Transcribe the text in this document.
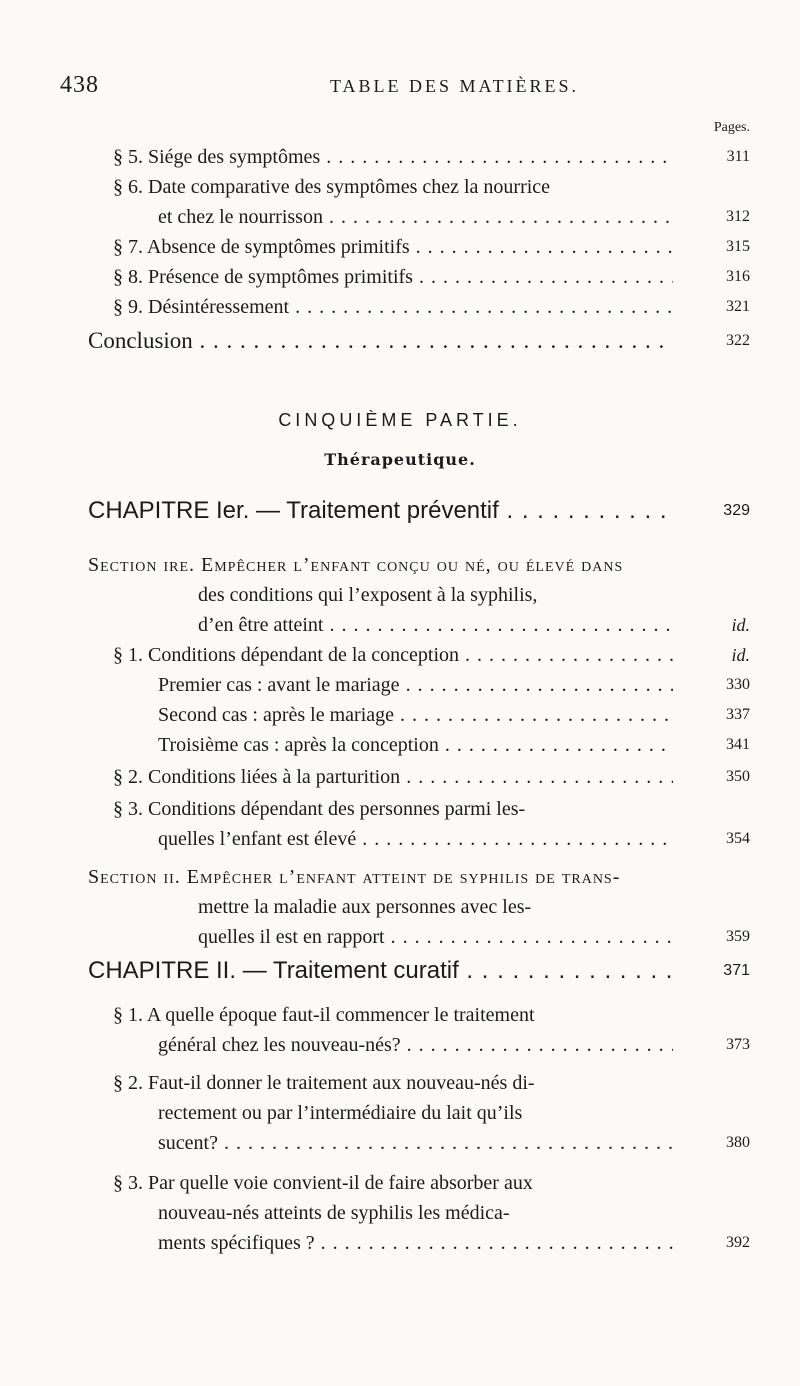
438	TABLE DES MATIÈRES.
Pages.
§ 5. Siége des symptômes . . .	311
§ 6. Date comparative des symptômes chez la nourrice
et chez le nourrisson . . .	312
§ 7. Absence de symptômes primitifs . . .	315
§ 8. Présence de symptômes primitifs . . .	316
§ 9. Désintéressement . . .	321
Conclusion . . .	322
CINQUIÈME PARTIE.
Thérapeutique.
CHAPITRE Ier. — Traitement préventif . . .	329
Section ire. Empêcher l’enfant conçu ou né, ou élevé dans
des conditions qui l’exposent à la syphilis,
d’en être atteint . . .	id.
§ 1. Conditions dépendant de la conception . . .	id.
Premier cas : avant le mariage . . .	330
Second cas : après le mariage . . .	337
Troisième cas : après la conception . . .	341
§ 2. Conditions liées à la parturition . . .	350
§ 3. Conditions dépendant des personnes parmi les-
quelles l’enfant est élevé . . .	354
Section ii. Empêcher l’enfant atteint de syphilis de trans-
mettre la maladie aux personnes avec les-
quelles il est en rapport . . .	359
CHAPITRE II. — Traitement curatif . . .	371
§ 1. A quelle époque faut-il commencer le traitement
général chez les nouveau-nés? . . .	373
§ 2. Faut-il donner le traitement aux nouveau-nés di-
rectement ou par l’intermédiaire du lait qu’ils
sucent? . . .	380
§ 3. Par quelle voie convient-il de faire absorber aux
nouveau-nés atteints de syphilis les médica-
ments spécifiques ? . . .	392
